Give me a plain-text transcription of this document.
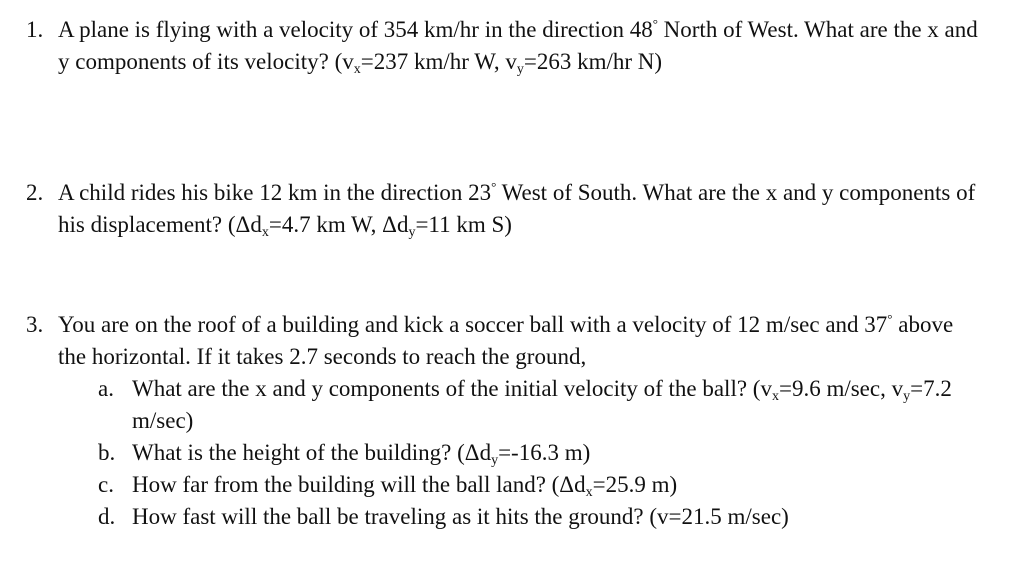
1. A plane is flying with a velocity of 354 km/hr in the direction 48° North of West. What are the x and y components of its velocity? ($v_x=237$ km/hr W, $v_y=263$ km/hr N)
2. A child rides his bike 12 km in the direction 23° West of South. What are the x and y components of his displacement? ($\Delta d_x=4.7$ km W, $\Delta d_y=11$ km S)
3. You are on the roof of a building and kick a soccer ball with a velocity of 12 m/sec and 37° above the horizontal. If it takes 2.7 seconds to reach the ground,
a. What are the x and y components of the initial velocity of the ball? ($v_x=9.6$ m/sec, $v_y=7.2$ m/sec)
b. What is the height of the building? ($\Delta d_y=-16.3$ m)
c. How far from the building will the ball land? ($\Delta d_x=25.9$ m)
d. How fast will the ball be traveling as it hits the ground? (v=21.5 m/sec)
